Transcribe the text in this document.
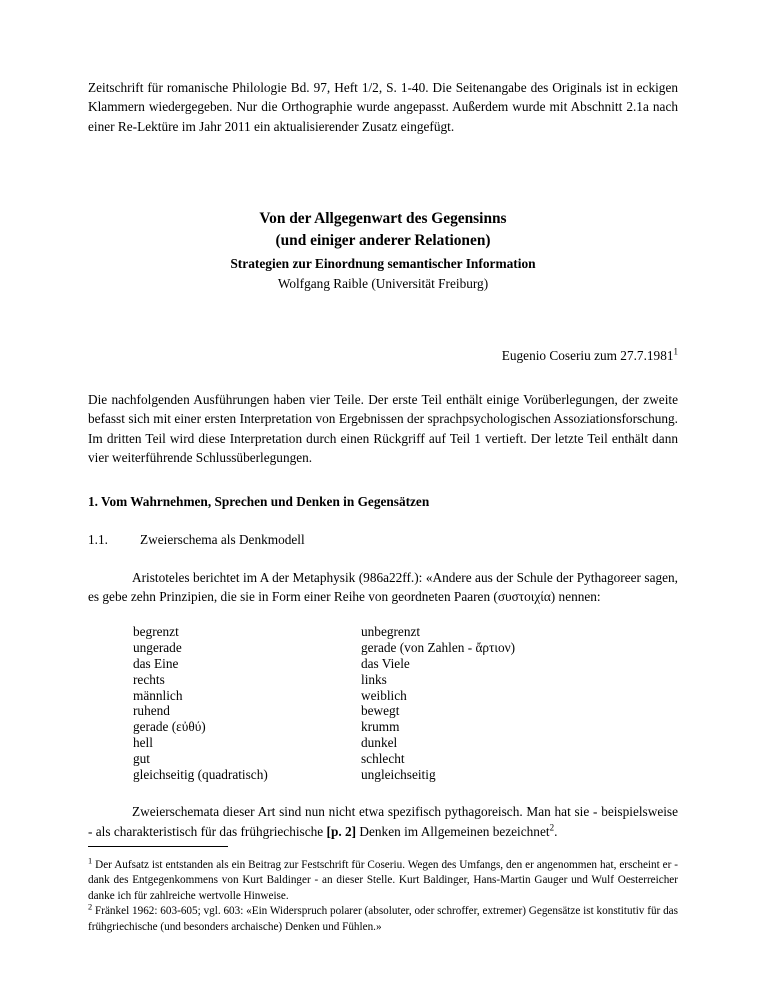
Zeitschrift für romanische Philologie Bd. 97, Heft 1/2, S. 1-40. Die Seitenangabe des Originals ist in eckigen Klammern wiedergegeben. Nur die Orthographie wurde angepasst. Außerdem wurde mit Abschnitt 2.1a nach einer Re-Lektüre im Jahr 2011 ein aktualisierender Zusatz eingefügt.

Von der Allgegenwart des Gegensinns
(und einiger anderer Relationen)
Strategien zur Einordnung semantischer Information
Wolfgang Raible (Universität Freiburg)
Eugenio Coseriu zum 27.7.1981$^1$

Die nachfolgenden Ausführungen haben vier Teile. Der erste Teil enthält einige Vorüberlegungen, der zweite befasst sich mit einer ersten Interpretation von Ergebnissen der sprachpsychologischen Assoziationsforschung. Im dritten Teil wird diese Interpretation durch einen Rückgriff auf Teil 1 vertieft. Der letzte Teil enthält dann vier weiterführende Schlussüberlegungen.

1. Vom Wahrnehmen, Sprechen und Denken in Gegensätzen

1.1. Zweierschema als Denkmodell

Aristoteles berichtet im A der Metaphysik (986a22ff.): «Andere aus der Schule der Pythagoreer sagen, es gebe zehn Prinzipien, die sie in Form einer Reihe von geordneten Paaren (συστοιχία) nennen:

begrenzt	unbegrenzt
ungerade	gerade (von Zahlen - ἄρτιον)
das Eine	das Viele
rechts	links
männlich	weiblich
ruhend	bewegt
gerade (εὐθύ)	krumm
hell	dunkel
gut	schlecht
gleichseitig (quadratisch)	ungleichseitig

Zweierschemata dieser Art sind nun nicht etwa spezifisch pythagoreisch. Man hat sie - beispielsweise - als charakteristisch für das frühgriechische [p. 2] Denken im Allgemeinen bezeichnet$^2$.

$^1$ Der Aufsatz ist entstanden als ein Beitrag zur Festschrift für Coseriu. Wegen des Umfangs, den er angenommen hat, erscheint er - dank des Entgegenkommens von Kurt Baldinger - an dieser Stelle. Kurt Baldinger, Hans-Martin Gauger und Wulf Oesterreicher danke ich für zahlreiche wertvolle Hinweise.

$^2$ Fränkel 1962: 603-605; vgl. 603: «Ein Widerspruch polarer (absoluter, oder schroffer, extremer) Gegensätze ist konstitutiv für das frühgriechische (und besonders archaische) Denken und Fühlen.»
